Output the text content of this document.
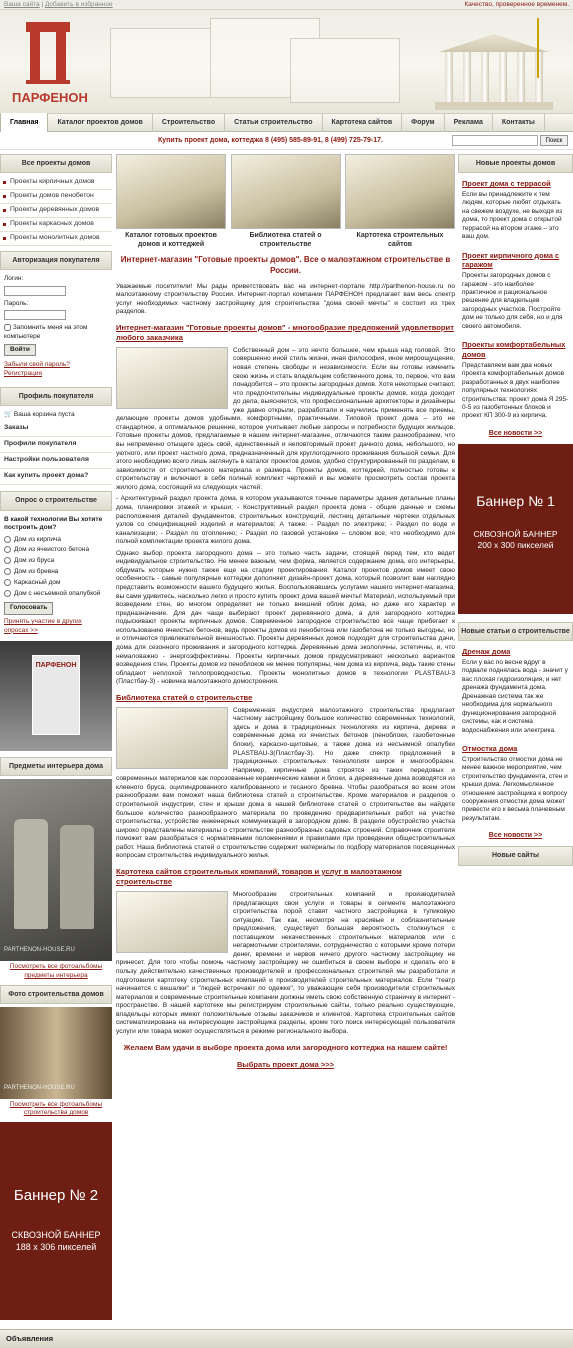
Ваша сайта | Добавить в избранное	Качество, проверенное временем.
ПАРФЕНОН
Главная	Каталог проектов домов	Строительство	Статьи строительство	Картотека сайтов	Форум	Реклама	Контакты
Купить проект дома, коттеджа 8 (495) 585-89-91, 8 (499) 725-79-17.	Поиск
Все проекты домов
Проекты кирпичных домов
Проекты домов пенобетон
Проекты деревянных домов
Проекты каркасных домов
Проекты монолитных домов
Авторизация покупателя
Логин:
Пароль:
Запомнить меня на этом компьютере
Войти
Забыли свой пароль?
Регистрация
Профиль покупателя
🛒 Ваша корзина пуста
Заказы
Профили покупателя
Настройки пользователя
Как купить проект дома?
Опрос о строительстве
В какой технологии Вы хотите построить дом?
Дом из кирпича
Дом из ячеистого бетона
Дом из бруса
Дом из бревна
Каркасный дом
Дом с несъемной опалубкой
Голосовать
Принять участие в других опросах >>
ПАРФЕНОН
Предметы интерьера дома
PARTHENON-HOUSE.RU
Посмотреть все фотоальбомы предметы интерьера
Фото строительства домов
PARTHENON-HOUSE.RU
Посмотреть все фотоальбомы строительства домов
Баннер № 2
СКВОЗНОЙ БАННЕР
188 х 306 пикселей
Каталог готовых проектов домов и коттеджей
Библиотека статей о строительстве
Картотека строительных сайтов
Интернет-магазин "Готовые проекты домов". Все о малоэтажном строительстве в России.

Уважаемые посетители! Мы рады приветствовать вас на интернет-портале http://parthenon-house.ru по малоэтажному строительству России. Интернет-портал компании ПАРФЕНОН предлагает вам весь спектр услуг необходимых частному застройщику для строительства "дома своей мечты" и состоит из трех разделов.

Интернет-магазин "Готовые проекты домов" - многообразие предложений удовлетворит любого заказчика

Собственный дом – это нечто большее, чем крыша над головой. Это совершенно иной стиль жизни, иная философия, иное мироощущение, новая степень свободы и независимости. Если вы готовы изменить свою жизнь и стать владельцем собственного дома, то, первое, что вам понадобится – это проекты загородных домов. Хотя некоторые считают, что предпочтительны индивидуальные проекты домов, когда доходит до дела, выясняется, что профессиональные архитекторы и дизайнеры уже давно открыли, разработали и научились применять все приемы, делающие проекты домов удобными, комфортными, практичными. Типовой проект дома – это не стандартное, а оптимальное решение, которое учитывает любые запросы и потребности будущих жильцов. Готовые проекты домов, предлагаемые в нашем интернет-магазине, отличаются таким разнообразием, что вы непременно отыщете здесь свой, единственный и неповторимый проект дачного дома, небольшого, но уютного, или проект частного дома, предназначенный для круглогодичного проживания большой семьи. Для этого необходимо всего лишь заглянуть в каталог проектов домов, удобно структурированный по разделам, в зависимости от строительного материала и размера. Проекты домов, коттеджей, полностью готовы к строительству и включают в себя полный комплект чертежей и вы можете просмотреть состав проекта жилого дома, состоящий из следующих частей:

- Архитектурный раздел проекта дома, в котором указываются точные параметры здания детальные планы дома, планировки этажей и крыши; - Конструктивный раздел проекта дома - общие данные и схемы расположения деталей фундаментов, строительных конструкций, лестниц детальные чертежи отдельных узлов со спецификацией изделий и материалов; А также: - Раздел по электрике; - Раздел по воде и канализации; - Раздел по отоплению; - Раздел по газовой установке – словом все, что необходимо для полной комплектации проекта жилого дома.

Однако выбор проекта загородного дома – это только часть задачи, стоящей перед тем, кто ведет индивидуальное строительство. Не менее важным, чем форма, является содержание дома, его интерьеры, обдумать которые нужно также еще на стадии проектирования. Каталог проектов домов имеет свою особенность - самые популярные коттеджи дополняет дизайн-проект дома, который позволит вам наглядно представить возможности вашего будущего жилья. Воспользовавшись услугами нашего интернет-магазина, вы сами удивитесь, насколько легко и просто купить проект дома вашей мечты! Материал, используемый при возведении стен, во многом определяет не только внешний облик дома, но даже его характер и предназначение. Для дач чаще выбирают проект деревянного дома, а для загородного коттеджа подыскивают проекты кирпичных домов. Современное загородное строительство все чаще прибегает к использованию ячеистых бетонов, ведь проекты домов из пенобетона или газобетона не только выгодны, но и отличаются привлекательной внешностью. Проекты деревянных домов подходят для строительства дачи, дома для сезонного проживания и загородного коттеджа. Деревянные дома экологичны, эстетичны, и, что немаловажно - энергоэффективны. Проекты кирпичных домов предусматривают несколько вариантов возведения стен. Проекты домов из пеноблоков не менее популярны, чем дома из кирпича, ведь такие стены обладают неплохой теплопроводностью. Проекты монолитных домов в технологии PLASTBAU-3 (Пластбау-3) - новинка малоэтажного домостроения.

Библиотека статей о строительстве

Современная индустрия малоэтажного строительства предлагает частному застройщику большое количество современных технологий, здесь и дома в традиционных технологиях из кирпича, дерева и современные дома из ячеистых бетонов (пеноблоки, газобетонные блоки), каркасно-щитовые, а также дома из несъемной опалубки PLASTBAU-3(Пластбау-3). Но даже спектр предложений в традиционных строительных технологиях широк и многообразен. Например, кирпичные дома строятся из таких передовых и современных материалов как порозованные керамические камни и блоки, а деревянные дома возводятся из клееного бруса, оцилиндрованного калиброванного и тесаного бревна. Чтобы разобраться во всем этом разнообразии вам поможет наша библиотека статей о строительстве. Кроме материалов и разделов о строительной индустрии, стен и крыши дома в нашей библиотеке статей о строительстве вы найдете большое количество разнообразного материала по проведению предварительных работ на участке строительства, устройстве инженерных коммуникаций в загородном доме. В разделе обустройство участка широко представлены материалы о строительстве разнообразных садовых строений. Справочник строителя поможет вам разобраться с нормативными положениями и правилами при проведении общестроительных работ. Наша библиотека статей о строительстве содержит материалы по подбору материалов посвященных вопросам строительства индивидуального жилья.

Картотека сайтов строительных компаний, товаров и услуг в малоэтажном строительстве

Многообразие строительных компаний и производителей предлагающих свои услуги и товары в сегменте малоэтажного строительства порой ставят частного застройщика в тупиковую ситуацию. Так как, несмотря на красивые и соблазнительные предложения, существует большая вероятность столкнуться с поставщиком некачественных строительных материалов или с негармотными строителями, сотрудничество с которыми кроме потери денег, времени и нервов ничего другого частному застройщику не принесет. Для того чтобы помочь частному застройщику не ошибиться в своем выборе и сделать его в пользу действительно качественных производителей и профессиональных строителей мы разработали и подготовили картотеку строительных компаний и производителей строительных материалов. Если "театр начинается с вешалки" и "людей встречают по одежке", то уважающие себя производители строительных материалов и современные строительные компании должны иметь свою собственную страничку в интернет - пространстве. В нашей картотеке мы регистрируем строительные сайты, только реально существующие, владельцы которых имеют положительные отзывы заказчиков и клиентов. Картотека строительных сайтов систематизирована на интересующие застройщика разделы, кроме того поиск интересующей пользователя услуги или товара может осуществляться в режиме регионального выбора.

Желаем Вам удачи в выборе проекта дома или загородного коттеджа на нашем сайте!
Выбрать проект дома >>>
Новые проекты домов
Проект дома с террасой
Если вы принадлежите к тем людям, которые любят отдыхать на свежем воздухе, не выходя из дома, то проект дома с открытой террасой на втором этаже – это ваш дом.
Проект кирпичного дома с гаражом
Проекты загородных домов с гаражом - это наиболее практичное и рациональное решение для владельцев загородных участков. Постройте дом не только для себя, но и для своего автомобиля.
Проекты комфортабельных домов
Представляем вам два новых проекта комфортабельных домов разработанных в двух наиболее популярных технологиях строительства: проект дома Я 295-0-5 из газобетонных блоков и проект КП 300-9 из кирпича.
Все новости >>
Баннер № 1
СКВОЗНОЙ БАННЕР
200 х 300 пикселей
Новые статьи о строительстве
Дренаж дома
Если у вас по весне вдруг в подвале поднялась вода - значит у вас плохая гидроизоляция, и нет дренажа фундамента дома. Дренажная система так же необходима для нормального функционирования загородной системы, как и система водоснабжения или электрика.
Отмостка дома
Строительство отмостки дома не менее важное мероприятие, чем строительство фундамента, стен и крыши дома. Легкомысленное отношение застройщика к вопросу сооружения отмостки дома может привести его к весьма плачевным результатам.
Все новости >>
Новые сайты
Объявления
